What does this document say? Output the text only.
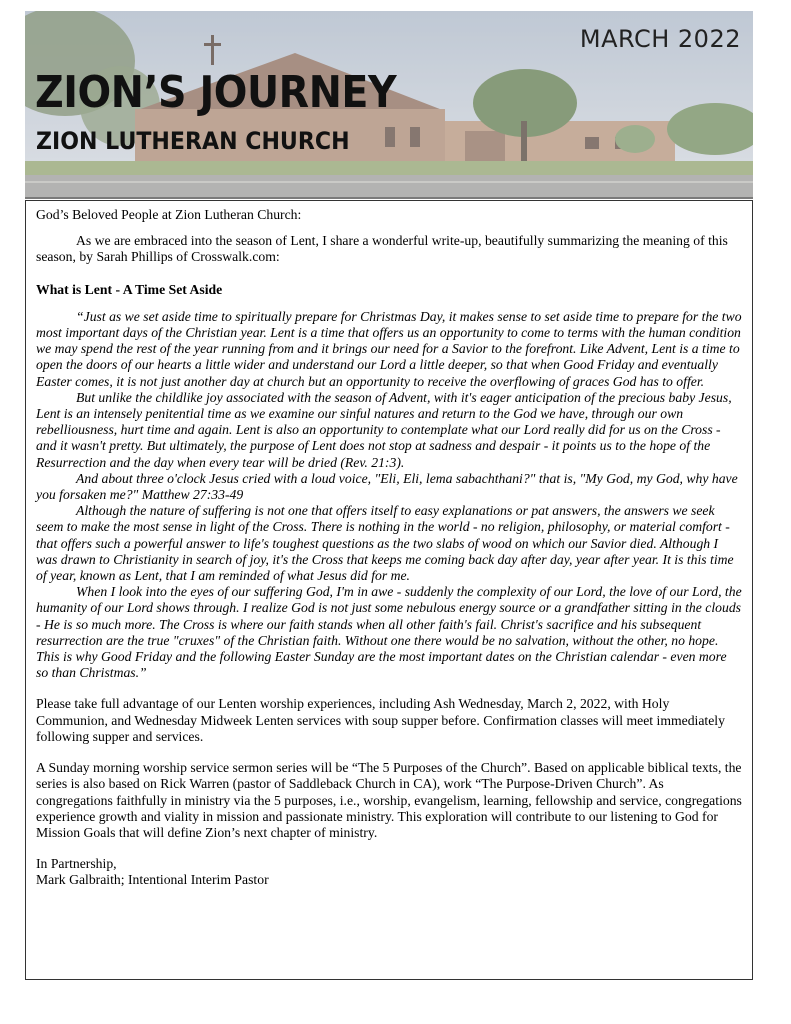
MARCH 2022
ZION’S JOURNEY
ZION LUTHERAN CHURCH

God’s Beloved People at Zion Lutheran Church:

As we are embraced into the season of Lent, I share a wonderful write-up, beautifully summarizing the meaning of this season, by Sarah Phillips of Crosswalk.com:

What is Lent - A Time Set Aside

“Just as we set aside time to spiritually prepare for Christmas Day, it makes sense to set aside time to prepare for the two most important days of the Christian year. Lent is a time that offers us an opportunity to come to terms with the human condition we may spend the rest of the year running from and it brings our need for a Savior to the forefront. Like Advent, Lent is a time to open the doors of our hearts a little wider and understand our Lord a little deeper, so that when Good Friday and eventually Easter comes, it is not just another day at church but an opportunity to receive the overflowing of graces God has to offer.

But unlike the childlike joy associated with the season of Advent, with it's eager anticipation of the precious baby Jesus, Lent is an intensely penitential time as we examine our sinful natures and return to the God we have, through our own rebelliousness, hurt time and again. Lent is also an opportunity to contemplate what our Lord really did for us on the Cross - and it wasn't pretty. But ultimately, the purpose of Lent does not stop at sadness and despair - it points us to the hope of the Resurrection and the day when every tear will be dried (Rev. 21:3).

And about three o'clock Jesus cried with a loud voice, "Eli, Eli, lema sabachthani?" that is, "My God, my God, why have you forsaken me?" Matthew 27:33-49

Although the nature of suffering is not one that offers itself to easy explanations or pat answers, the answers we seek seem to make the most sense in light of the Cross. There is nothing in the world - no religion, philosophy, or material comfort - that offers such a powerful answer to life's toughest questions as the two slabs of wood on which our Savior died. Although I was drawn to Christianity in search of joy, it's the Cross that keeps me coming back day after day, year after year. It is this time of year, known as Lent, that I am reminded of what Jesus did for me.

When I look into the eyes of our suffering God, I'm in awe - suddenly the complexity of our Lord, the love of our Lord, the humanity of our Lord shows through. I realize God is not just some nebulous energy source or a grandfather sitting in the clouds - He is so much more. The Cross is where our faith stands when all other faith's fail. Christ's sacrifice and his subsequent resurrection are the true "cruxes" of the Christian faith. Without one there would be no salvation, without the other, no hope. This is why Good Friday and the following Easter Sunday are the most important dates on the Christian calendar - even more so than Christmas.”

Please take full advantage of our Lenten worship experiences, including Ash Wednesday, March 2, 2022, with Holy Communion, and Wednesday Midweek Lenten services with soup supper before. Confirmation classes will meet immediately following supper and services.

A Sunday morning worship service sermon series will be “The 5 Purposes of the Church”. Based on applicable biblical texts, the series is also based on Rick Warren (pastor of Saddleback Church in CA), work “The Purpose-Driven Church”. As congregations faithfully in ministry via the 5 purposes, i.e., worship, evangelism, learning, fellowship and service, congregations experience growth and viality in mission and passionate ministry. This exploration will contribute to our listening to God for Mission Goals that will define Zion’s next chapter of ministry.

In Partnership,

Mark Galbraith; Intentional Interim Pastor
